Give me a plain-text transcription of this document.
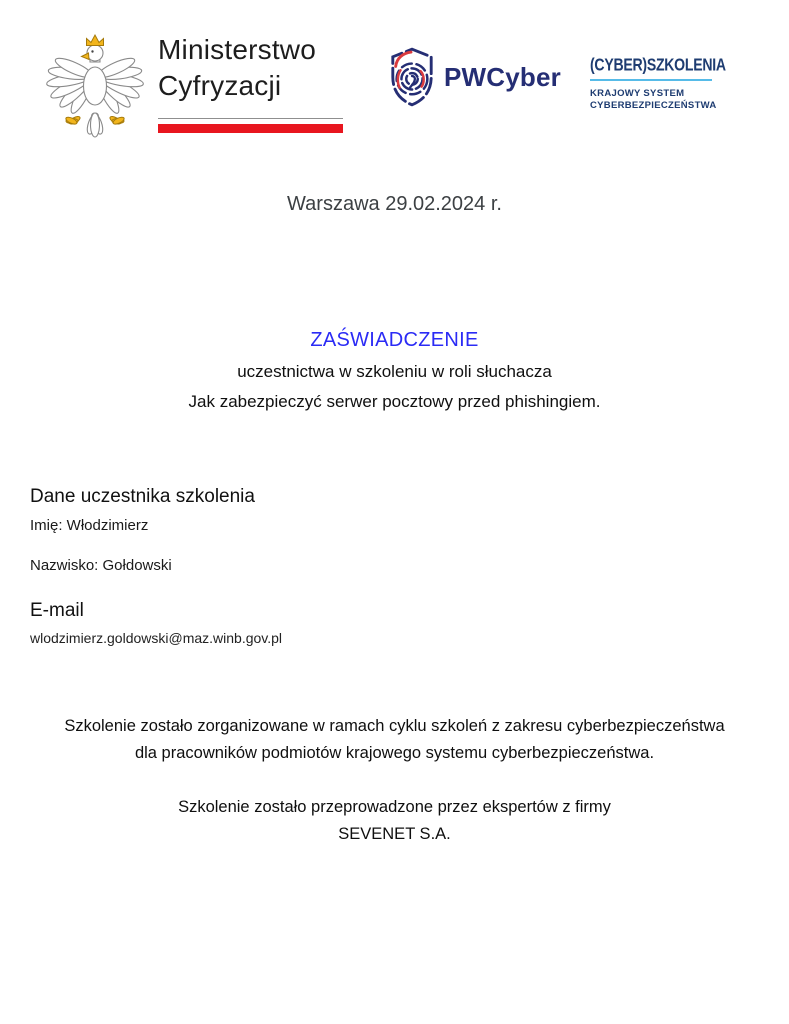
Ministerstwo
Cyfryzacji	PWCyber (CYBER)SZKOLENIA
KRAJOWY SYSTEM
CYBERBEZPIECZEŃSTWA
Warszawa 29.02.2024 r.
ZAŚWIADCZENIE
uczestnictwa w szkoleniu w roli słuchacza
Jak zabezpieczyć serwer pocztowy przed phishingiem.
Dane uczestnika szkolenia
Imię: Włodzimierz
Nazwisko: Gołdowski
E-mail
wlodzimierz.goldowski@maz.winb.gov.pl
Szkolenie zostało zorganizowane w ramach cyklu szkoleń z zakresu cyberbezpieczeństwa
dla pracowników podmiotów krajowego systemu cyberbezpieczeństwa.
Szkolenie zostało przeprowadzone przez ekspertów z firmy
SEVENET S.A.
